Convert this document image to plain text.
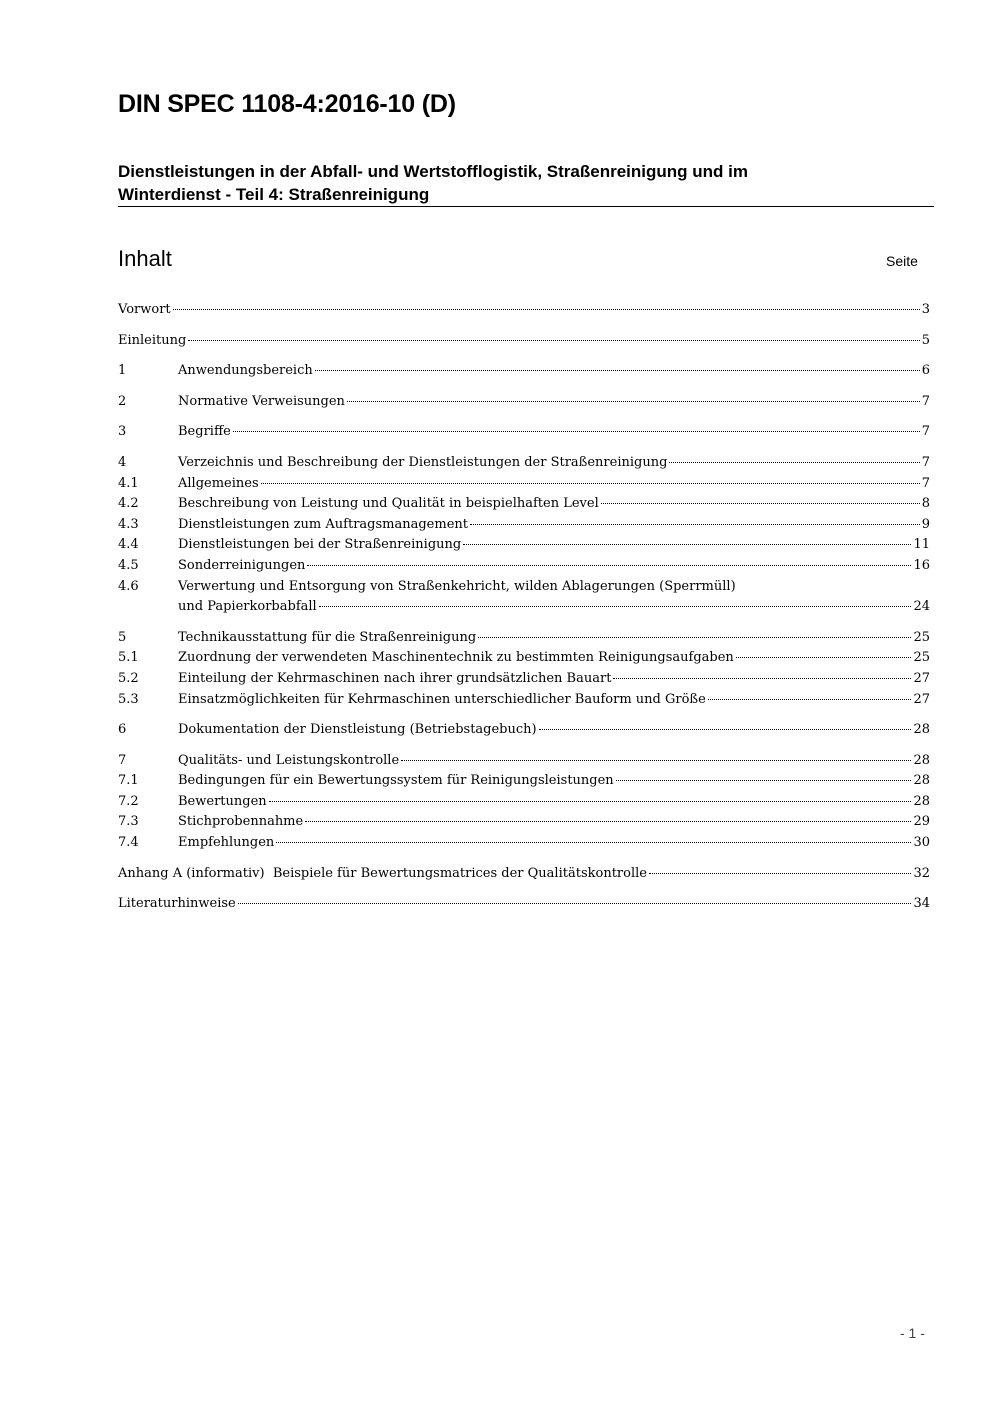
DIN SPEC 1108-4:2016-10 (D)
Dienstleistungen in der Abfall- und Wertstofflogistik, Straßenreinigung und im
Winterdienst - Teil 4: Straßenreinigung
Inhalt	Seite
Vorwort	3
Einleitung	5
1	Anwendungsbereich	6
2	Normative Verweisungen	7
3	Begriffe	7
4	Verzeichnis und Beschreibung der Dienstleistungen der Straßenreinigung	7
4.1	Allgemeines	7
4.2	Beschreibung von Leistung und Qualität in beispielhaften Level	8
4.3	Dienstleistungen zum Auftragsmanagement	9
4.4	Dienstleistungen bei der Straßenreinigung	11
4.5	Sonderreinigungen	16
4.6	Verwertung und Entsorgung von Straßenkehricht, wilden Ablagerungen (Sperrmüll)
und Papierkorbabfall	24
5	Technikausstattung für die Straßenreinigung	25
5.1	Zuordnung der verwendeten Maschinentechnik zu bestimmten Reinigungsaufgaben	25
5.2	Einteilung der Kehrmaschinen nach ihrer grundsätzlichen Bauart	27
5.3	Einsatzmöglichkeiten für Kehrmaschinen unterschiedlicher Bauform und Größe	27
6	Dokumentation der Dienstleistung (Betriebstagebuch)	28
7	Qualitäts- und Leistungskontrolle	28
7.1	Bedingungen für ein Bewertungssystem für Reinigungsleistungen	28
7.2	Bewertungen	28
7.3	Stichprobennahme	29
7.4	Empfehlungen	30
Anhang A (informativ)  Beispiele für Bewertungsmatrices der Qualitätskontrolle	32
Literaturhinweise	34
- 1 -
